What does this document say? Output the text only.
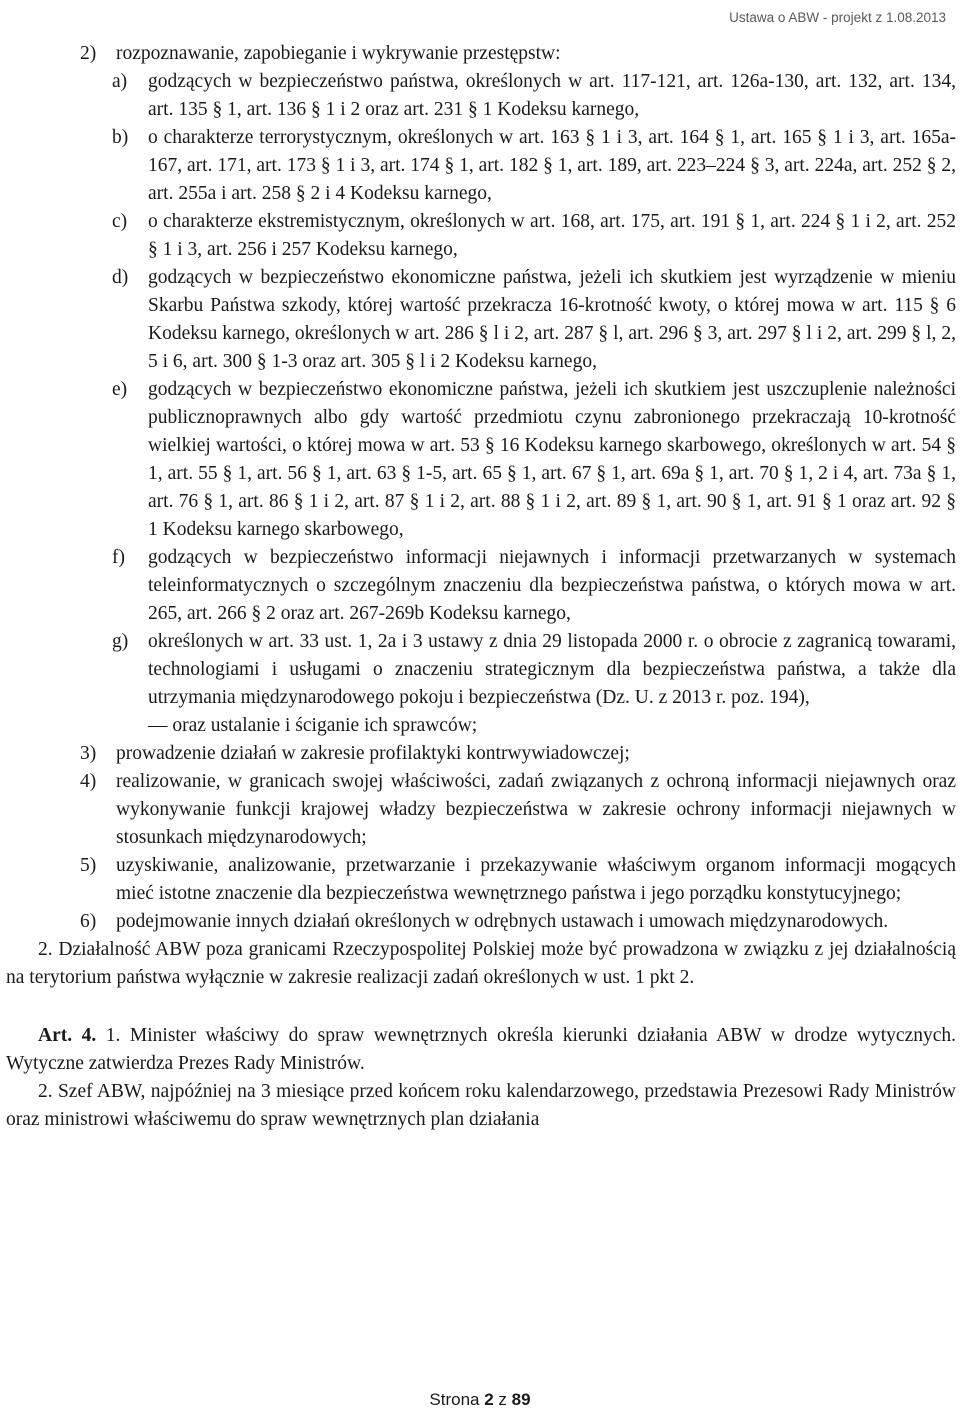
Ustawa o ABW - projekt z 1.08.2013
2) rozpoznawanie, zapobieganie i wykrywanie przestępstw:
a) godzących w bezpieczeństwo państwa, określonych w art. 117-121, art. 126a-130, art. 132, art. 134, art. 135 § 1, art. 136 § 1 i 2 oraz art. 231 § 1 Kodeksu karnego,
b) o charakterze terrorystycznym, określonych w art. 163 § 1 i 3, art. 164 § 1, art. 165 § 1 i 3, art. 165a-167, art. 171, art. 173 § 1 i 3, art. 174 § 1, art. 182 § 1, art. 189, art. 223–224 § 3, art. 224a, art. 252 § 2, art. 255a i art. 258 § 2 i 4 Kodeksu karnego,
c) o charakterze ekstremistycznym, określonych w art. 168, art. 175, art. 191 § 1, art. 224 § 1 i 2, art. 252 § 1 i 3, art. 256 i 257 Kodeksu karnego,
d) godzących w bezpieczeństwo ekonomiczne państwa, jeżeli ich skutkiem jest wyrządzenie w mieniu Skarbu Państwa szkody, której wartość przekracza 16-krotność kwoty, o której mowa w art. 115 § 6 Kodeksu karnego, określonych w art. 286 § l i 2, art. 287 § l, art. 296 § 3, art. 297 § l i 2, art. 299 § l, 2, 5 i 6, art. 300 § 1-3 oraz art. 305 § l i 2 Kodeksu karnego,
e) godzących w bezpieczeństwo ekonomiczne państwa, jeżeli ich skutkiem jest uszczuplenie należności publicznoprawnych albo gdy wartość przedmiotu czynu zabronionego przekraczają 10-krotność wielkiej wartości, o której mowa w art. 53 § 16 Kodeksu karnego skarbowego, określonych w art. 54 § 1, art. 55 § 1, art. 56 § 1, art. 63 § 1-5, art. 65 § 1, art. 67 § 1, art. 69a § 1, art. 70 § 1, 2 i 4, art. 73a § 1, art. 76 § 1, art. 86 § 1 i 2, art. 87 § 1 i 2, art. 88 § 1 i 2, art. 89 § 1, art. 90 § 1, art. 91 § 1 oraz art. 92 § 1 Kodeksu karnego skarbowego,
f) godzących w bezpieczeństwo informacji niejawnych i informacji przetwarzanych w systemach teleinformatycznych o szczególnym znaczeniu dla bezpieczeństwa państwa, o których mowa w art. 265, art. 266 § 2 oraz art. 267-269b Kodeksu karnego,
g) określonych w art. 33 ust. 1, 2a i 3 ustawy z dnia 29 listopada 2000 r. o obrocie z zagranicą towarami, technologiami i usługami o znaczeniu strategicznym dla bezpieczeństwa państwa, a także dla utrzymania międzynarodowego pokoju i bezpieczeństwa (Dz. U. z 2013 r. poz. 194),
— oraz ustalanie i ściganie ich sprawców;
3) prowadzenie działań w zakresie profilaktyki kontrwywiadowczej;
4) realizowanie, w granicach swojej właściwości, zadań związanych z ochroną informacji niejawnych oraz wykonywanie funkcji krajowej władzy bezpieczeństwa w zakresie ochrony informacji niejawnych w stosunkach międzynarodowych;
5) uzyskiwanie, analizowanie, przetwarzanie i przekazywanie właściwym organom informacji mogących mieć istotne znaczenie dla bezpieczeństwa wewnętrznego państwa i jego porządku konstytucyjnego;
6) podejmowanie innych działań określonych w odrębnych ustawach i umowach międzynarodowych.

2. Działalność ABW poza granicami Rzeczypospolitej Polskiej może być prowadzona w związku z jej działalnością na terytorium państwa wyłącznie w zakresie realizacji zadań określonych w ust. 1 pkt 2.

Art. 4. 1. Minister właściwy do spraw wewnętrznych określa kierunki działania ABW w drodze wytycznych. Wytyczne zatwierdza Prezes Rady Ministrów.

2. Szef ABW, najpóźniej na 3 miesiące przed końcem roku kalendarzowego, przedstawia Prezesowi Rady Ministrów oraz ministrowi właściwemu do spraw wewnętrznych plan działania

Strona 2 z 89
